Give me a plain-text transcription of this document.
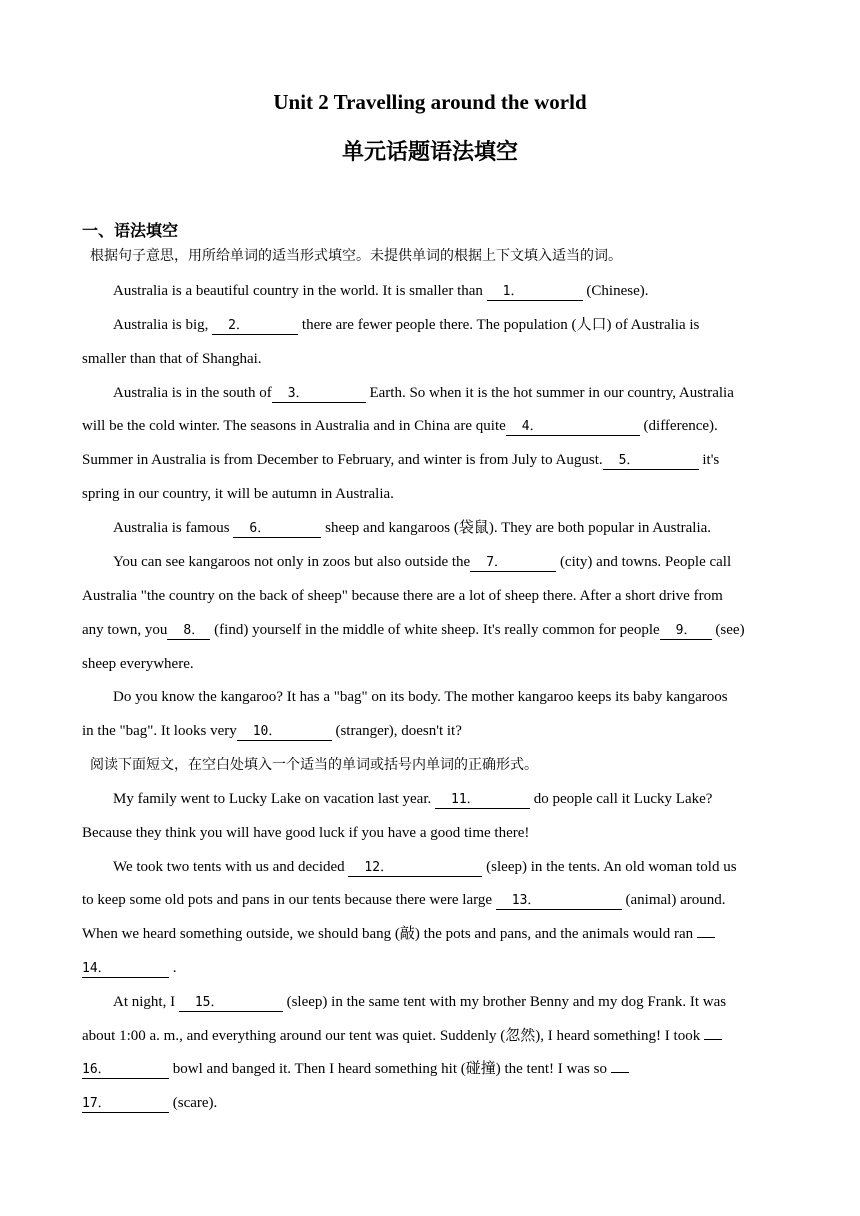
Unit 2 Travelling around the world
单元话题语法填空
一、语法填空
根据句子意思，用所给单词的适当形式填空。未提供单词的根据上下文填入适当的词。
Australia is a beautiful country in the world. It is smaller than 1．	(Chinese).
Australia is big, 2．	there are fewer people there. The population (人口) of Australia is
smaller than that of Shanghai.
Australia is in the south of 3．	Earth. So when it is the hot summer in our country, Australia
will be the cold winter. The seasons in Australia and in China are quite 4．	(difference).
Summer in Australia is from December to February, and winter is from July to August. 5．	it's
spring in our country, it will be autumn in Australia.
Australia is famous 6．	sheep and kangaroos (袋鼠). They are both popular in Australia.
You can see kangaroos not only in zoos but also outside the 7．	(city) and towns. People call
Australia "the country on the back of sheep" because there are a lot of sheep there. After a short drive from
any town, you 8． (find) yourself in the middle of white sheep. It's really common for people 9． (see)
sheep everywhere.
Do you know the kangaroo? It has a "bag" on its body. The mother kangaroo keeps its baby kangaroos
in the "bag". It looks very 10．	(stranger), doesn't it?
阅读下面短文，在空白处填入一个适当的单词或括号内单词的正确形式。
My family went to Lucky Lake on vacation last year. 11．	do people call it Lucky Lake?
Because they think you will have good luck if you have a good time there!
We took two tents with us and decided 12．	(sleep) in the tents. An old woman told us
to keep some old pots and pans in our tents because there were large 13．	(animal) around.
When we heard something outside, we should bang (敲) the pots and pans, and the animals would ran
14．	.
At night, I 15．	(sleep) in the same tent with my brother Benny and my dog Frank. It was
about 1:00 a. m., and everything around our tent was quiet. Suddenly (忽然), I heard something! I took
16．	bowl and banged it. Then I heard something hit (碰撞) the tent! I was so
17．	(scare).
